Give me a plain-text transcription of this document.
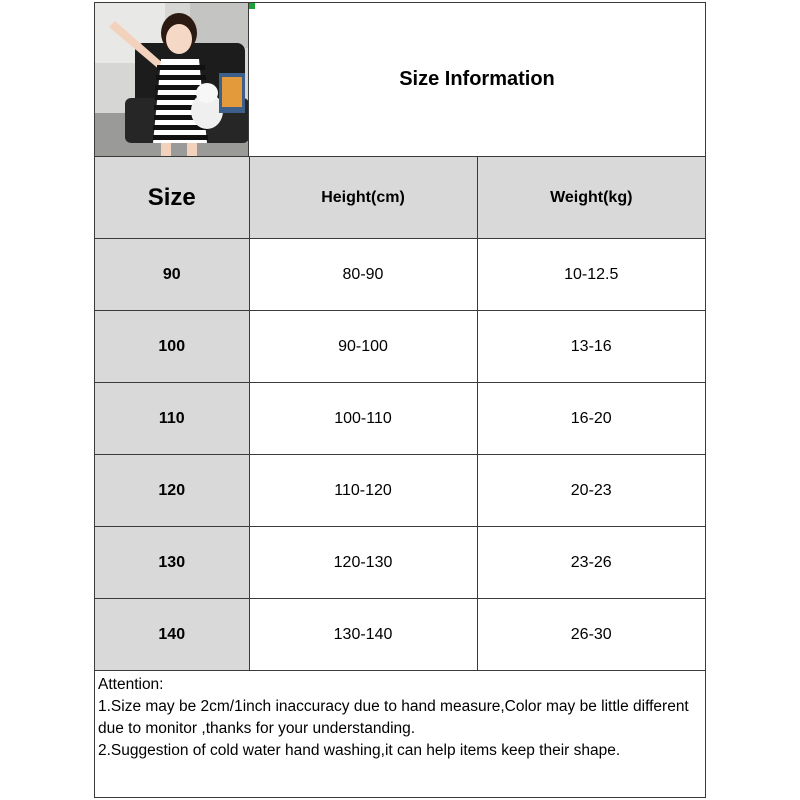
Size Information
Size	Height(cm)	Weight(kg)
90	80-90	10-12.5
100	90-100	13-16
110	100-110	16-20
120	110-120	20-23
130	120-130	23-26
140	130-140	26-30
Attention:
1.Size may be 2cm/1inch inaccuracy due to hand measure,Color may be little different due to monitor ,thanks for your understanding.
2.Suggestion of cold water hand washing,it can help items keep their shape.
